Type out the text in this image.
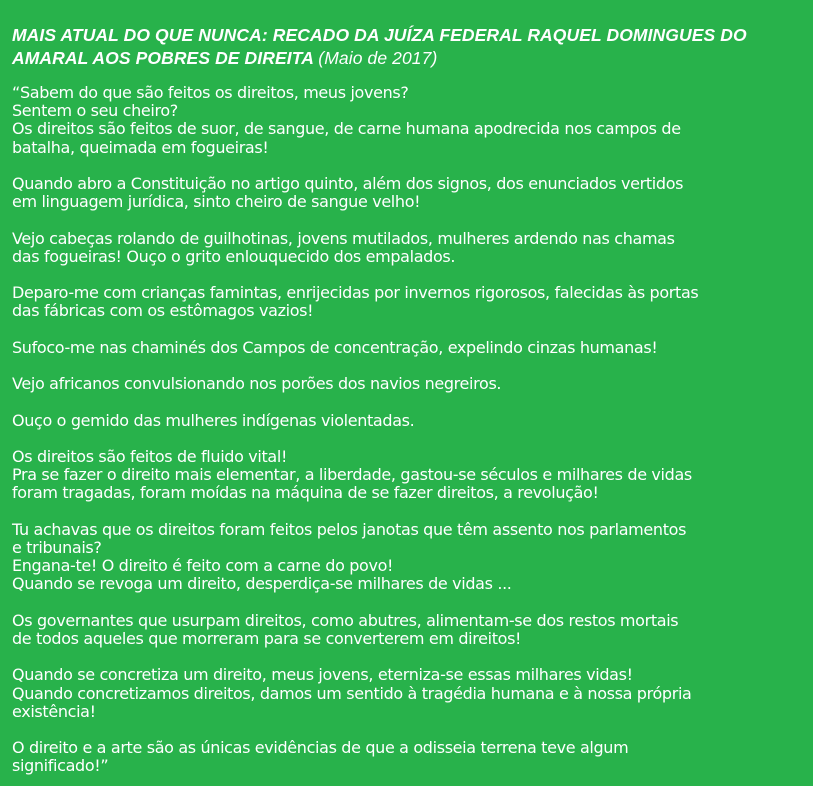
MAIS ATUAL DO QUE NUNCA: RECADO DA JUÍZA FEDERAL RAQUEL DOMINGUES DO AMARAL AOS POBRES DE DIREITA (Maio de 2017)
“Sabem do que são feitos os direitos, meus jovens?
Sentem o seu cheiro?
Os direitos são feitos de suor, de sangue, de carne humana apodrecida nos campos de
batalha, queimada em fogueiras!
Quando abro a Constituição no artigo quinto, além dos signos, dos enunciados vertidos
em linguagem jurídica, sinto cheiro de sangue velho!
Vejo cabeças rolando de guilhotinas, jovens mutilados, mulheres ardendo nas chamas
das fogueiras! Ouço o grito enlouquecido dos empalados.
Deparo-me com crianças famintas, enrijecidas por invernos rigorosos, falecidas às portas
das fábricas com os estômagos vazios!
Sufoco-me nas chaminés dos Campos de concentração, expelindo cinzas humanas!
Vejo africanos convulsionando nos porões dos navios negreiros.
Ouço o gemido das mulheres indígenas violentadas.
Os direitos são feitos de fluido vital!
Pra se fazer o direito mais elementar, a liberdade, gastou-se séculos e milhares de vidas
foram tragadas, foram moídas na máquina de se fazer direitos, a revolução!
Tu achavas que os direitos foram feitos pelos janotas que têm assento nos parlamentos
e tribunais?
Engana-te! O direito é feito com a carne do povo!
Quando se revoga um direito, desperdiça-se milhares de vidas ...
Os governantes que usurpam direitos, como abutres, alimentam-se dos restos mortais
de todos aqueles que morreram para se converterem em direitos!
Quando se concretiza um direito, meus jovens, eterniza-se essas milhares vidas!
Quando concretizamos direitos, damos um sentido à tragédia humana e à nossa própria
existência!
O direito e a arte são as únicas evidências de que a odisseia terrena teve algum
significado!”
